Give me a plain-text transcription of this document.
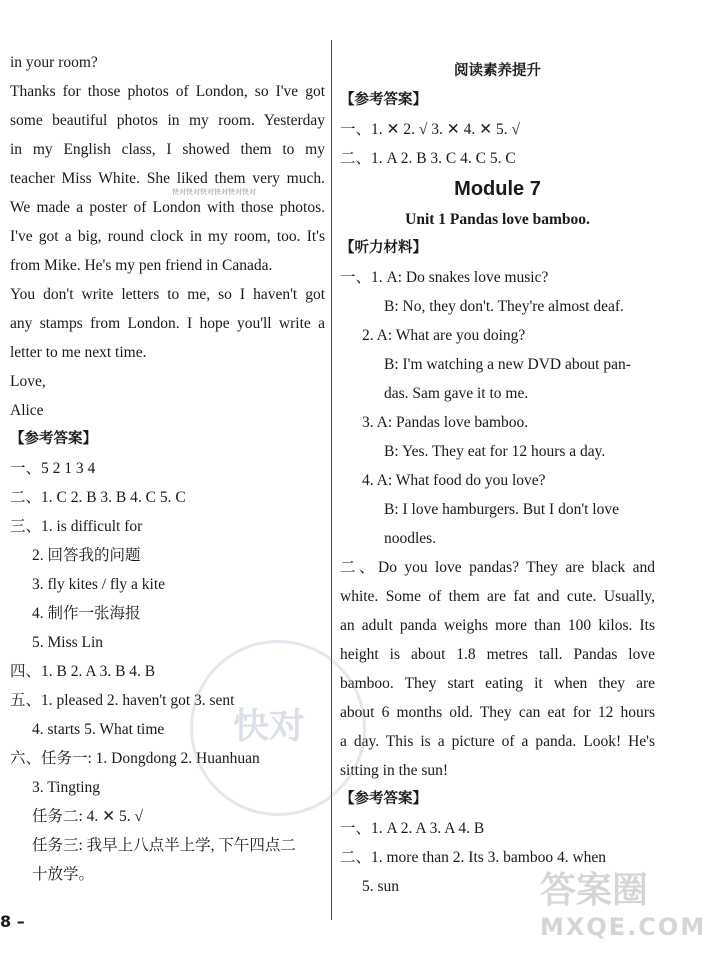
in your room?
Thanks for those photos of London, so I've got
some beautiful photos in my room. Yesterday
in my English class, I showed them to my
teacher Miss White. She liked them very much.
We made a poster of London with those photos.
I've got a big, round clock in my room, too. It's
from Mike. He's my pen friend in Canada.
You don't write letters to me, so I haven't got
any stamps from London. I hope you'll write a
letter to me next time.
Love,
Alice
【参考答案】
一、5 2 1 3 4
二、1. C 2. B 3. B 4. C 5. C
三、1. is difficult for
2. 回答我的问题
3. fly kites / fly a kite
4. 制作一张海报
5. Miss Lin
四、1. B 2. A 3. B 4. B
五、1. pleased 2. haven't got 3. sent
4. starts 5. What time
六、任务一: 1. Dongdong 2. Huanhuan
3. Tingting
任务二: 4. ✕ 5. √
任务三: 我早上八点半上学, 下午四点二
十放学。
快对快对快对快对快对快对
阅读素养提升
【参考答案】
一、1. ✕ 2. √ 3. ✕ 4. ✕ 5. √
二、1. A 2. B 3. C 4. C 5. C
Module 7
Unit 1 Pandas love bamboo.
【听力材料】
一、1. A: Do snakes love music?
B: No, they don't. They're almost deaf.
2. A: What are you doing?
B: I'm watching a new DVD about pan-
das. Sam gave it to me.
3. A: Pandas love bamboo.
B: Yes. They eat for 12 hours a day.
4. A: What food do you love?
B: I love hamburgers. But I don't love
noodles.
二、Do you love pandas? They are black and
white. Some of them are fat and cute. Usually,
an adult panda weighs more than 100 kilos. Its
height is about 1.8 metres tall. Pandas love
bamboo. They start eating it when they are
about 6 months old. They can eat for 12 hours
a day. This is a picture of a panda. Look! He's
sitting in the sun!
【参考答案】
一、1. A 2. A 3. A 4. B
二、1. more than 2. Its 3. bamboo 4. when
5. sun
8 –
快对
答案圈
MXQE.COM
